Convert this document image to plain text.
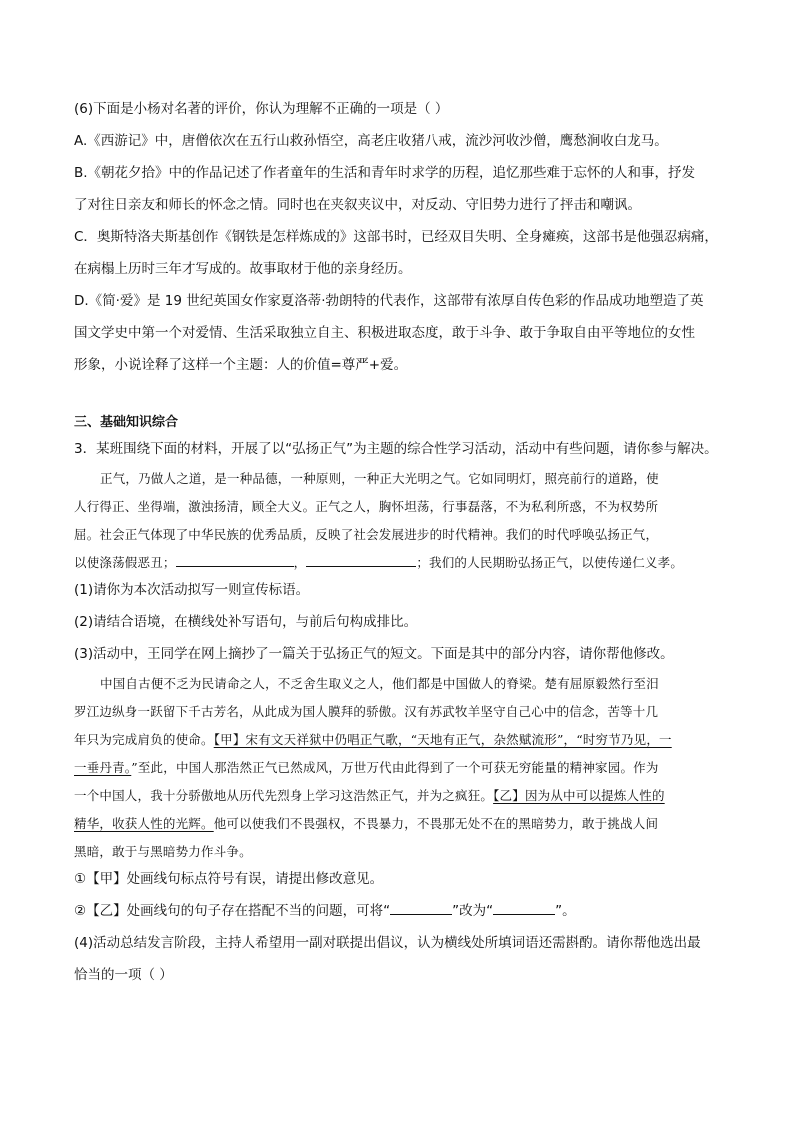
(6)下面是小杨对名著的评价，你认为理解不正确的一项是（ ）

A.《西游记》中，唐僧依次在五行山救孙悟空，高老庄收猪八戒，流沙河收沙僧，鹰愁涧收白龙马。

B.《朝花夕拾》中的作品记述了作者童年的生活和青年时求学的历程，追忆那些难于忘怀的人和事，抒发

了对往日亲友和师长的怀念之情。同时也在夹叙夹议中，对反动、守旧势力进行了抨击和嘲讽。

C．奥斯特洛夫斯基创作《钢铁是怎样炼成的》这部书时，已经双目失明、全身瘫痪，这部书是他强忍病痛，

在病榻上历时三年才写成的。故事取材于他的亲身经历。

D.《简·爱》是 19 世纪英国女作家夏洛蒂·勃朗特的代表作，这部带有浓厚自传色彩的作品成功地塑造了英

国文学史中第一个对爱情、生活采取独立自主、积极进取态度，敢于斗争、敢于争取自由平等地位的女性

形象，小说诠释了这样一个主题：人的价值=尊严+爱。

三、基础知识综合

3．某班围绕下面的材料，开展了以“弘扬正气”为主题的综合性学习活动，活动中有些问题，请你参与解决。

正气，乃做人之道，是一种品德，一种原则，一种正大光明之气。它如同明灯，照亮前行的道路，使

人行得正、坐得端，激浊扬清，顾全大义。正气之人，胸怀坦荡，行事磊落，不为私利所惑，不为权势所

屈。社会正气体现了中华民族的优秀品质，反映了社会发展进步的时代精神。我们的时代呼唤弘扬正气，

以使涤荡假恶丑；	，	；我们的人民期盼弘扬正气，以使传递仁义孝。

(1)请你为本次活动拟写一则宣传标语。

(2)请结合语境，在横线处补写语句，与前后句构成排比。

(3)活动中，王同学在网上摘抄了一篇关于弘扬正气的短文。下面是其中的部分内容，请你帮他修改。

中国自古便不乏为民请命之人，不乏舍生取义之人，他们都是中国做人的脊梁。楚有屈原毅然行至汨

罗江边纵身一跃留下千古芳名，从此成为国人膜拜的骄傲。汉有苏武牧羊坚守自己心中的信念，苦等十几

年只为完成肩负的使命。【甲】宋有文天祥狱中仍唱正气歌，“天地有正气，杂然赋流形”，“时穷节乃见，一

一垂丹青。”至此，中国人那浩然正气已然成风，万世万代由此得到了一个可获无穷能量的精神家园。作为

一个中国人，我十分骄傲地从历代先烈身上学习这浩然正气，并为之疯狂。【乙】因为从中可以提炼人性的

精华，收获人性的光辉。他可以使我们不畏强权，不畏暴力，不畏那无处不在的黑暗势力，敢于挑战人间

黑暗，敢于与黑暗势力作斗争。

①【甲】处画线句标点符号有误，请提出修改意见。

②【乙】处画线句的句子存在搭配不当的问题，可将“	”改为“	”。

(4)活动总结发言阶段，主持人希望用一副对联提出倡议，认为横线处所填词语还需斟酌。请你帮他选出最

恰当的一项（ ）
